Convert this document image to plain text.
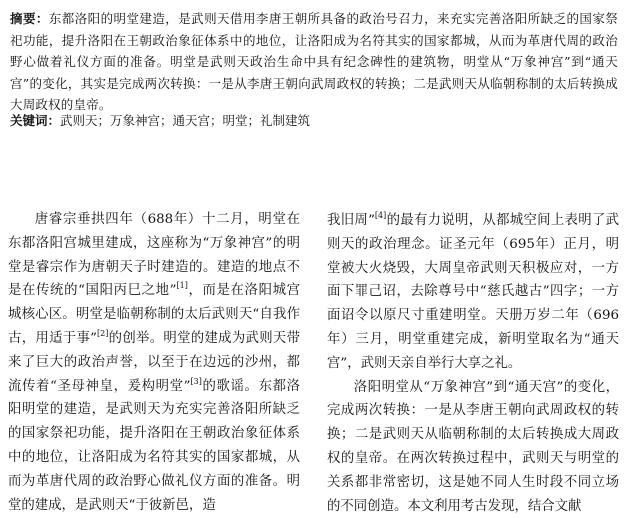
摘要：东都洛阳的明堂建造，是武则天借用李唐王朝所具备的政治号召力，来充实完善洛阳所缺乏的国家祭祀功能，提升洛阳在王朝政治象征体系中的地位，让洛阳成为名符其实的国家都城，从而为革唐代周的政治野心做着礼仪方面的准备。明堂是武则天政治生命中具有纪念碑性的建筑物，明堂从“万象神宫”到“通天宫”的变化，其实是完成两次转换：一是从李唐王朝向武周政权的转换；二是武则天从临朝称制的太后转换成大周政权的皇帝。
关键词：武则天；万象神宫；通天宫；明堂；礼制建筑

唐睿宗垂拱四年（688年）十二月，明堂在东都洛阳宫城里建成，这座称为“万象神宫”的明堂是睿宗作为唐朝天子时建造的。建造的地点不是在传统的“国阳丙巳之地”[1]，而是在洛阳城宫城核心区。明堂是临朝称制的太后武则天“自我作古，用适于事”[2]的创举。明堂的建成为武则天带来了巨大的政治声誉，以至于在边远的沙州，都流传着“圣母神皇，爰构明堂”[3]的歌谣。东都洛阳明堂的建造，是武则天为充实完善洛阳所缺乏的国家祭祀功能，提升洛阳在王朝政治象征体系中的地位，让洛阳成为名符其实的国家都城，从而为革唐代周的政治野心做礼仪方面的准备。明堂的建成，是武则天“于彼新邑，造

我旧周”[4]的最有力说明，从都城空间上表明了武则天的政治理念。证圣元年（695年）正月，明堂被大火烧毁，大周皇帝武则天积极应对，一方面下罪己诏，去除尊号中“慈氏越古”四字；一方面诏令以原尺寸重建明堂。天册万岁二年（696年）三月，明堂重建完成，新明堂取名为“通天宫”，武则天亲自举行大享之礼。

洛阳明堂从“万象神宫”到“通天宫”的变化，完成两次转换：一是从李唐王朝向武周政权的转换；二是武则天从临朝称制的太后转换成大周政权的皇帝。在两次转换过程中，武则天与明堂的关系都非常密切，这是她不同人生时段不同立场的不同创造。本文利用考古发现，结合文献
